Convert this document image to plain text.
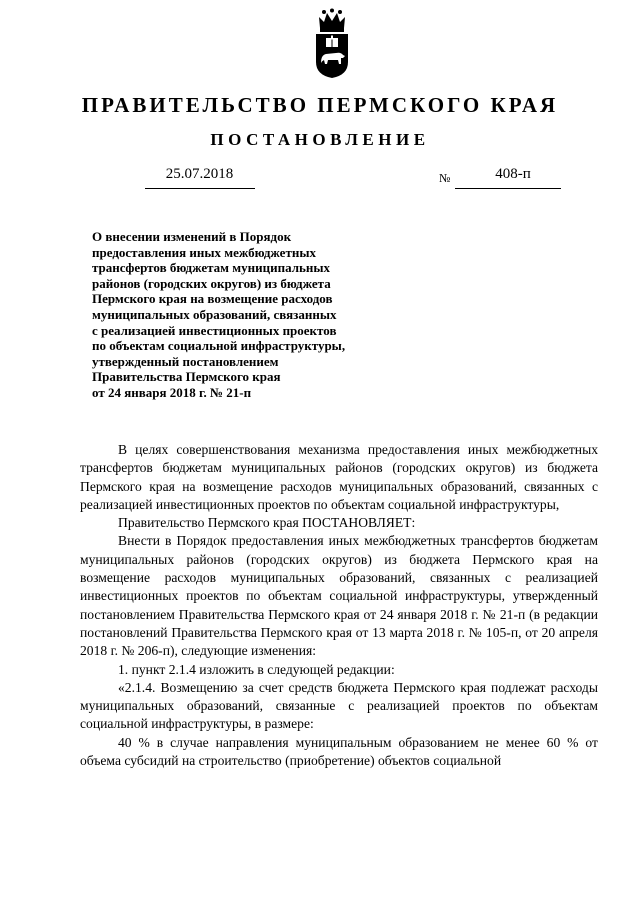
ПРАВИТЕЛЬСТВО ПЕРМСКОГО КРАЯ
ПОСТАНОВЛЕНИЕ
25.07.2018	№	408-п
О внесении изменений в Порядок
предоставления иных межбюджетных
трансфертов бюджетам муниципальных
районов (городских округов) из бюджета
Пермского края на возмещение расходов
муниципальных образований, связанных
с реализацией инвестиционных проектов
по объектам социальной инфраструктуры,
утвержденный постановлением
Правительства Пермского края
от 24 января 2018 г. № 21-п

В целях совершенствования механизма предоставления иных межбюджетных трансфертов бюджетам муниципальных районов (городских округов) из бюджета Пермского края на возмещение расходов муниципальных образований, связанных с реализацией инвестиционных проектов по объектам социальной инфраструктуры,

Правительство Пермского края ПОСТАНОВЛЯЕТ:

Внести в Порядок предоставления иных межбюджетных трансфертов бюджетам муниципальных районов (городских округов) из бюджета Пермского края на возмещение расходов муниципальных образований, связанных с реализацией инвестиционных проектов по объектам социальной инфраструктуры, утвержденный постановлением Правительства Пермского края от 24 января 2018 г. № 21-п (в редакции постановлений Правительства Пермского края от 13 марта 2018 г. № 105-п, от 20 апреля 2018 г. № 206-п), следующие изменения:

1. пункт 2.1.4 изложить в следующей редакции:

«2.1.4. Возмещению за счет средств бюджета Пермского края подлежат расходы муниципальных образований, связанные с реализацией проектов по объектам социальной инфраструктуры, в размере:

40 % в случае направления муниципальным образованием не менее 60 % от объема субсидий на строительство (приобретение) объектов социальной
